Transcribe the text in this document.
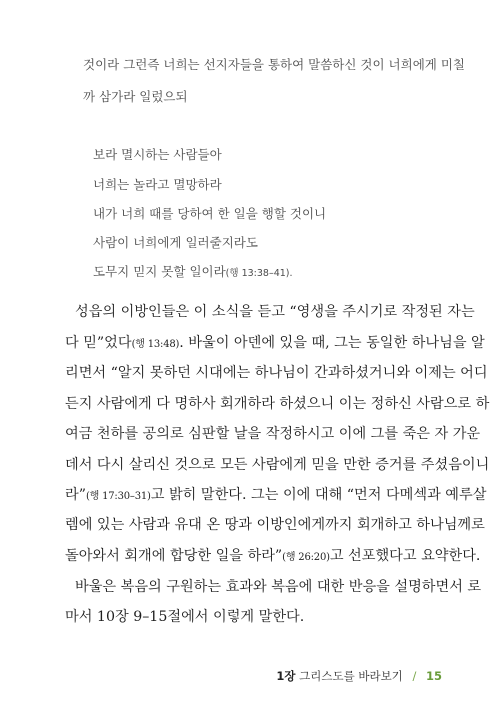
것이라 그런즉 너희는 선지자들을 통하여 말씀하신 것이 너희에게 미칠
까 삼가라 일렀으되
보라 멸시하는 사람들아
너희는 놀라고 멸망하라
내가 너희 때를 당하여 한 일을 행할 것이니
사람이 너희에게 일러줄지라도
도무지 믿지 못할 일이라(행 13:38–41).
성읍의 이방인들은 이 소식을 듣고 “영생을 주시기로 작정된 자는
다 믿”었다(행 13:48). 바울이 아덴에 있을 때, 그는 동일한 하나님을 알
리면서 “알지 못하던 시대에는 하나님이 간과하셨거니와 이제는 어디
든지 사람에게 다 명하사 회개하라 하셨으니 이는 정하신 사람으로 하
여금 천하를 공의로 심판할 날을 작정하시고 이에 그를 죽은 자 가운
데서 다시 살리신 것으로 모든 사람에게 믿을 만한 증거를 주셨음이니
라”(행 17:30–31)고 밝히 말한다. 그는 이에 대해 “먼저 다메섹과 예루살
렘에 있는 사람과 유대 온 땅과 이방인에게까지 회개하고 하나님께로
돌아와서 회개에 합당한 일을 하라”(행 26:20)고 선포했다고 요약한다.
바울은 복음의 구원하는 효과와 복음에 대한 반응을 설명하면서 로
마서 10장 9–15절에서 이렇게 말한다.
1장 그리스도를 바라보기 / 15
